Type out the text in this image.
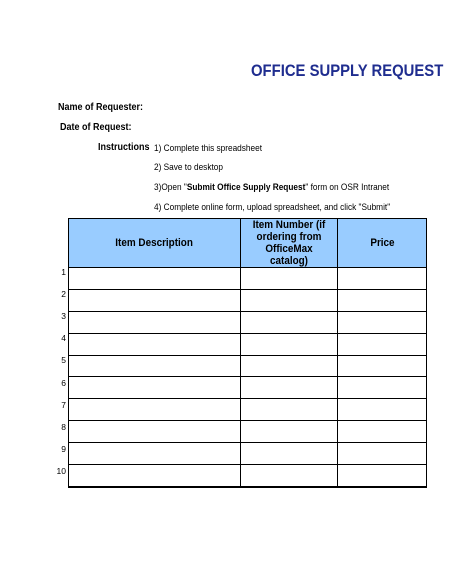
OFFICE SUPPLY REQUEST
Name of Requester:
Date of Request:
Instructions 1) Complete this spreadsheet
2) Save to desktop
3)Open "Submit Office Supply Request" form on OSR Intranet
4) Complete online form, upload spreadsheet, and click "Submit"
Item Description	Item Number (if ordering from OfficeMax catalog)	Price

1
2
3
4
5
6
7
8
9
10
